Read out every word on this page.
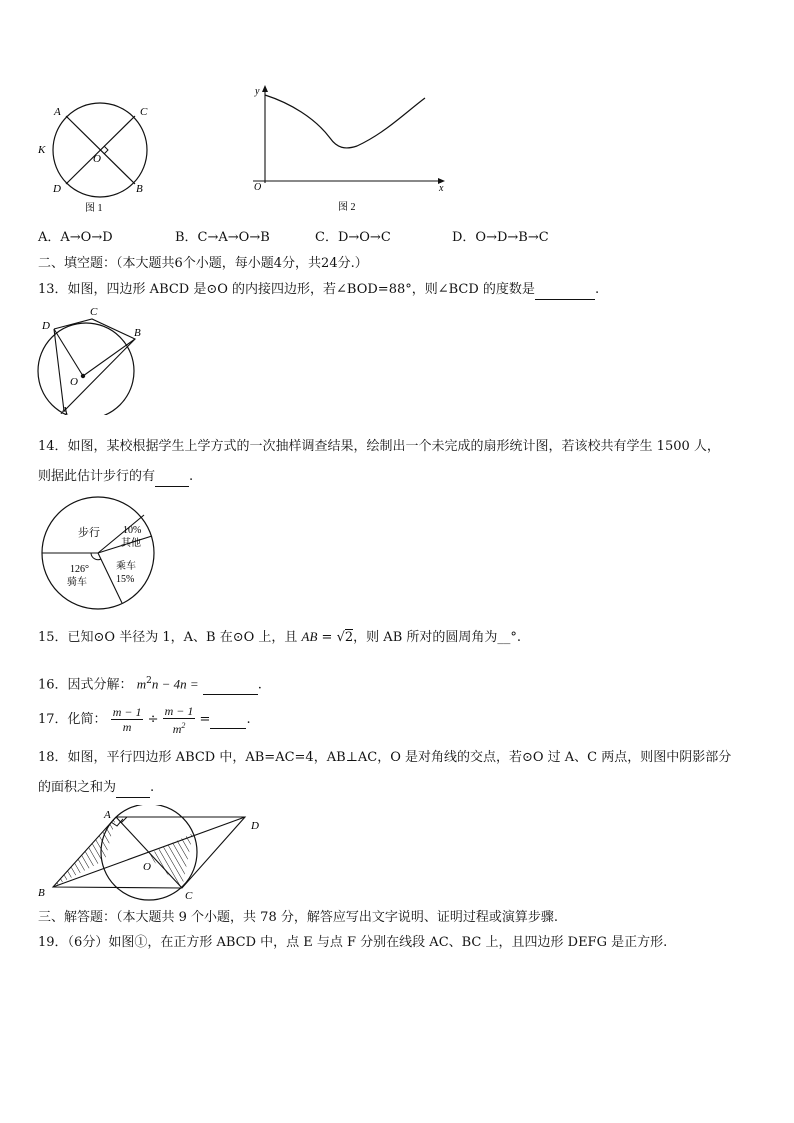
A	C
K
O
D	B
图 1
y
O	x
图 2
A．A→O→D	B．C→A→O→B	C．D→O→C	D．O→D→B→C
二、填空题：（本大题共6个小题，每小题4分，共24分.）
13．如图，四边形 ABCD 是⊙O 的内接四边形，若∠BOD=88°，则∠BCD 的度数是	.
D
C
B
O
A
14．如图，某校根据学生上学方式的一次抽样调查结果，绘制出一个未完成的扇形统计图，若该校共有学生 1500 人，
则据此估计步行的有	.
步行 10%
其他
126°
骑车
乘车
15%
15．已知⊙O 半径为 1，A、B 在⊙O 上，且 AB = √2，则 AB 所对的圆周角为__°.
16．因式分解： $m^2n - 4n$ =	.
17．化简： $\frac{m - 1}{m} \div \frac{m - 1}{m^2}$ =	.
18．如图，平行四边形 ABCD 中，AB=AC=4，AB⊥AC，O 是对角线的交点，若⊙O 过 A、C 两点，则图中阴影部分
的面积之和为	.
A
D
O
B	C
三、解答题：（本大题共 9 个小题，共 78 分，解答应写出文字说明、证明过程或演算步骤.
19．（6分）如图①，在正方形 ABCD 中，点 E 与点 F 分别在线段 AC、BC 上，且四边形 DEFG 是正方形.
